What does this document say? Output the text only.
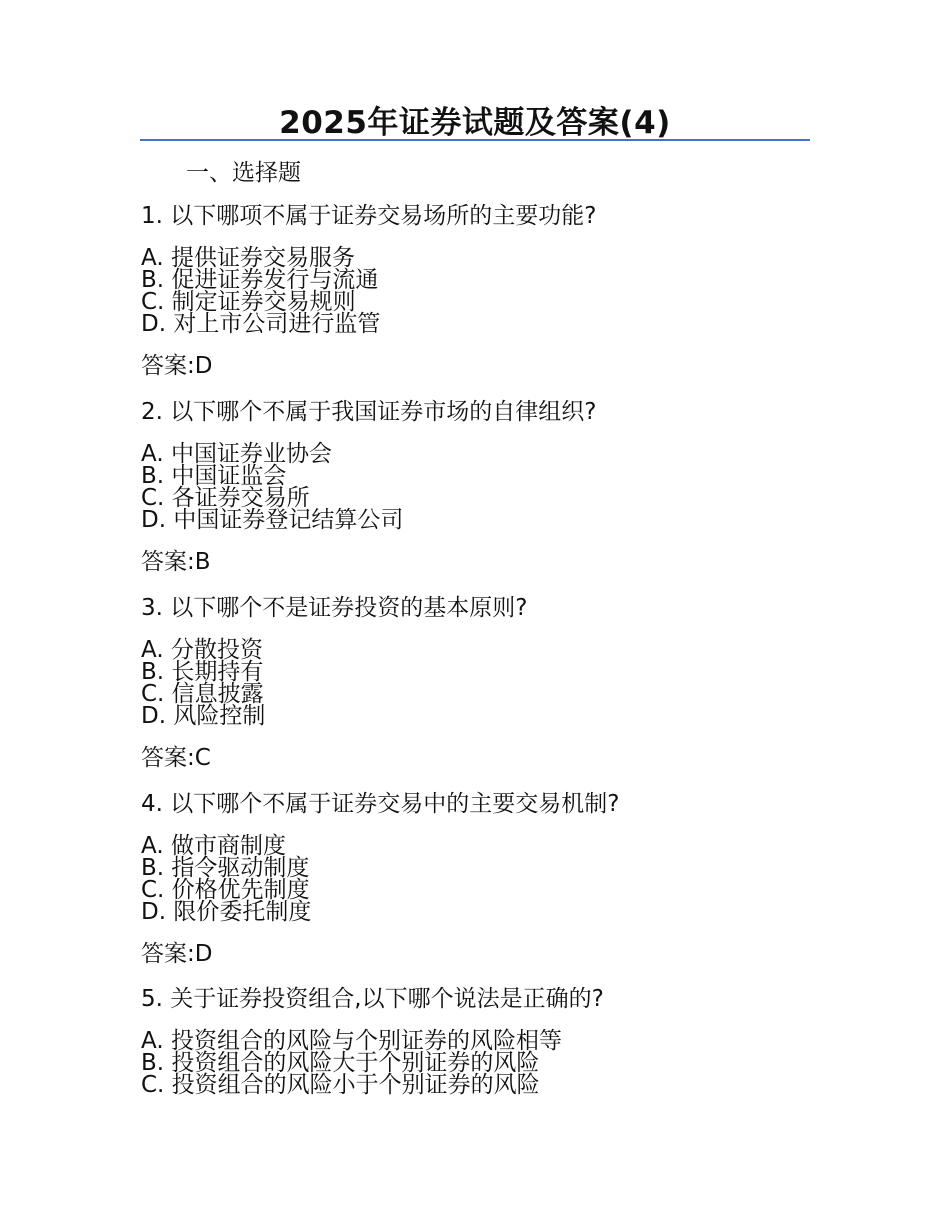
2025年证券试题及答案(4)
一、选择题
1. 以下哪项不属于证券交易场所的主要功能?
A. 提供证券交易服务
B. 促进证券发行与流通
C. 制定证券交易规则
D. 对上市公司进行监管
答案:D
2. 以下哪个不属于我国证券市场的自律组织?
A. 中国证券业协会
B. 中国证监会
C. 各证券交易所
D. 中国证券登记结算公司
答案:B
3. 以下哪个不是证券投资的基本原则?
A. 分散投资
B. 长期持有
C. 信息披露
D. 风险控制
答案:C
4. 以下哪个不属于证券交易中的主要交易机制?
A. 做市商制度
B. 指令驱动制度
C. 价格优先制度
D. 限价委托制度
答案:D
5. 关于证券投资组合,以下哪个说法是正确的?
A. 投资组合的风险与个别证券的风险相等
B. 投资组合的风险大于个别证券的风险
C. 投资组合的风险小于个别证券的风险
